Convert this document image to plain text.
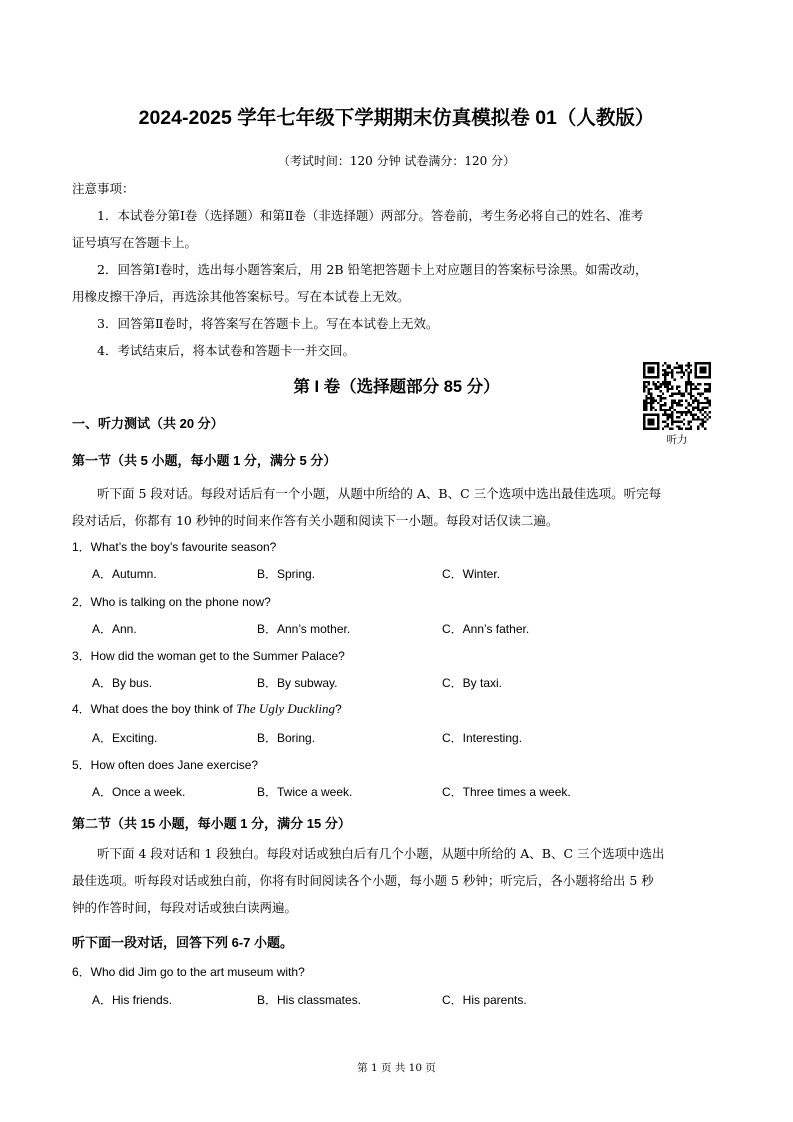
2024-2025 学年七年级下学期期末仿真模拟卷 01（人教版）
（考试时间：120 分钟 试卷满分：120 分）
注意事项：
1．本试卷分第Ⅰ卷（选择题）和第Ⅱ卷（非选择题）两部分。答卷前，考生务必将自己的姓名、准考
证号填写在答题卡上。
2．回答第Ⅰ卷时，选出每小题答案后，用 2B 铅笔把答题卡上对应题目的答案标号涂黑。如需改动，
用橡皮擦干净后，再选涂其他答案标号。写在本试卷上无效。
3．回答第Ⅱ卷时，将答案写在答题卡上。写在本试卷上无效。
4．考试结束后，将本试卷和答题卡一并交回。
第 I 卷（选择题部分 85 分）
听力
一、听力测试（共 20 分）
第一节（共 5 小题，每小题 1 分，满分 5 分）
听下面 5 段对话。每段对话后有一个小题，从题中所给的 A、B、C 三个选项中选出最佳选项。听完每
段对话后，你都有 10 秒钟的时间来作答有关小题和阅读下一小题。每段对话仅读二遍。
1．What’s the boy’s favourite season?
A．Autumn.	B．Spring.	C．Winter.
2．Who is talking on the phone now?
A．Ann.	B．Ann’s mother.	C．Ann’s father.
3．How did the woman get to the Summer Palace?
A．By bus.	B．By subway.	C．By taxi.
4．What does the boy think of The Ugly Duckling?
A．Exciting.	B．Boring.	C．Interesting.
5．How often does Jane exercise?
A．Once a week.	B．Twice a week.	C．Three times a week.
第二节（共 15 小题，每小题 1 分，满分 15 分）
听下面 4 段对话和 1 段独白。每段对话或独白后有几个小题，从题中所给的 A、B、C 三个选项中选出
最佳选项。听每段对话或独白前，你将有时间阅读各个小题，每小题 5 秒钟；听完后，各小题将给出 5 秒
钟的作答时间，每段对话或独白读两遍。
听下面一段对话，回答下列 6-7 小题。
6．Who did Jim go to the art museum with?
A．His friends.	B．His classmates.	C．His parents.
第 1 页 共 10 页
